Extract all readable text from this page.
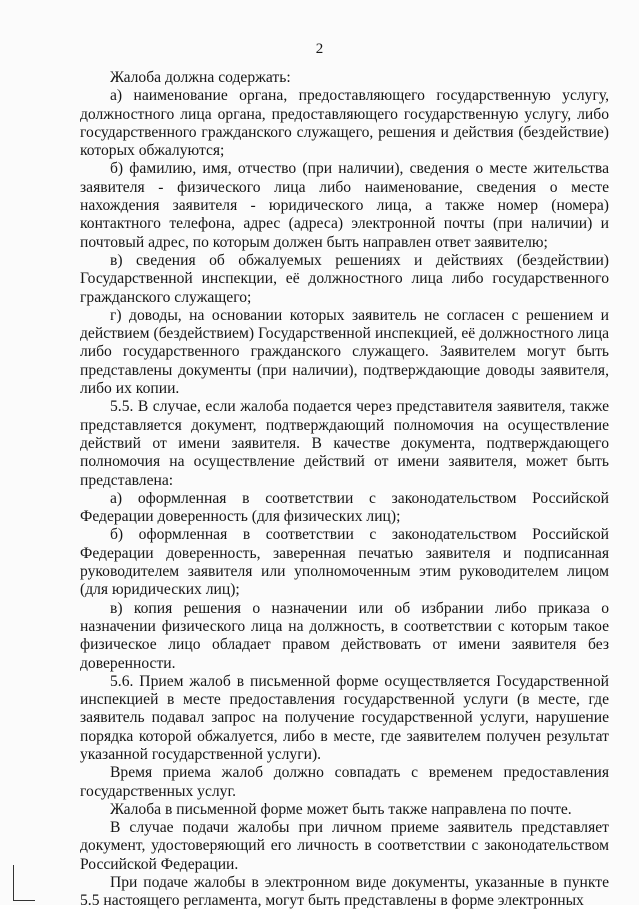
2

Жалоба должна содержать:

а) наименование органа, предоставляющего государственную услугу, должностного лица органа, предоставляющего государственную услугу, либо государственного гражданского служащего, решения и действия (бездействие) которых обжалуются;

б) фамилию, имя, отчество (при наличии), сведения о месте жительства заявителя - физического лица либо наименование, сведения о месте нахождения заявителя - юридического лица, а также номер (номера) контактного телефона, адрес (адреса) электронной почты (при наличии) и почтовый адрес, по которым должен быть направлен ответ заявителю;

в) сведения об обжалуемых решениях и действиях (бездействии) Государственной инспекции, её должностного лица либо государственного гражданского служащего;

г) доводы, на основании которых заявитель не согласен с решением и действием (бездействием) Государственной инспекцией, её должностного лица либо государственного гражданского служащего. Заявителем могут быть представлены документы (при наличии), подтверждающие доводы заявителя, либо их копии.

5.5. В случае, если жалоба подается через представителя заявителя, также представляется документ, подтверждающий полномочия на осуществление действий от имени заявителя. В качестве документа, подтверждающего полномочия на осуществление действий от имени заявителя, может быть представлена:

а) оформленная в соответствии с законодательством Российской Федерации доверенность (для физических лиц);

б) оформленная в соответствии с законодательством Российской Федерации доверенность, заверенная печатью заявителя и подписанная руководителем заявителя или уполномоченным этим руководителем лицом (для юридических лиц);

в) копия решения о назначении или об избрании либо приказа о назначении физического лица на должность, в соответствии с которым такое физическое лицо обладает правом действовать от имени заявителя без доверенности.

5.6. Прием жалоб в письменной форме осуществляется Государственной инспекцией в месте предоставления государственной услуги (в месте, где заявитель подавал запрос на получение государственной услуги, нарушение порядка которой обжалуется, либо в месте, где заявителем получен результат указанной государственной услуги).

Время приема жалоб должно совпадать с временем предоставления государственных услуг.

Жалоба в письменной форме может быть также направлена по почте.

В случае подачи жалобы при личном приеме заявитель представляет документ, удостоверяющий его личность в соответствии с законодательством Российской Федерации.

При подаче жалобы в электронном виде документы, указанные в пункте 5.5 настоящего регламента, могут быть представлены в форме электронных
